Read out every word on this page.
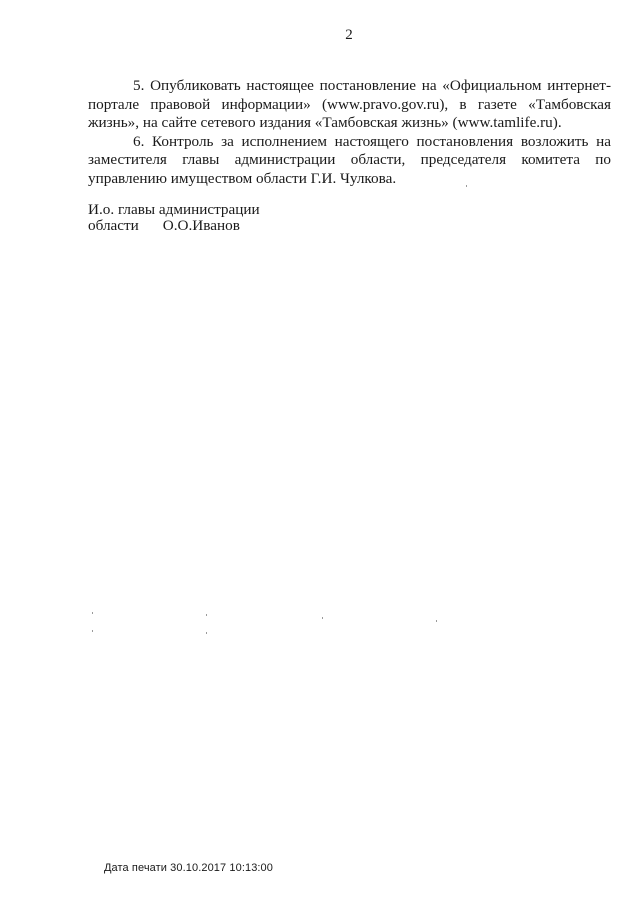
2

5. Опубликовать настоящее постановление на «Официальном интернет-портале правовой информации» (www.pravo.gov.ru), в газете «Тамбовская жизнь», на сайте сетевого издания «Тамбовская жизнь» (www.tamlife.ru).

6. Контроль за исполнением настоящего постановления возложить на заместителя главы администрации области, председателя комитета по управлению имуществом области Г.И. Чулкова.

И.о. главы администрации
области О.О.Иванов
Дата печати 30.10.2017 10:13:00
